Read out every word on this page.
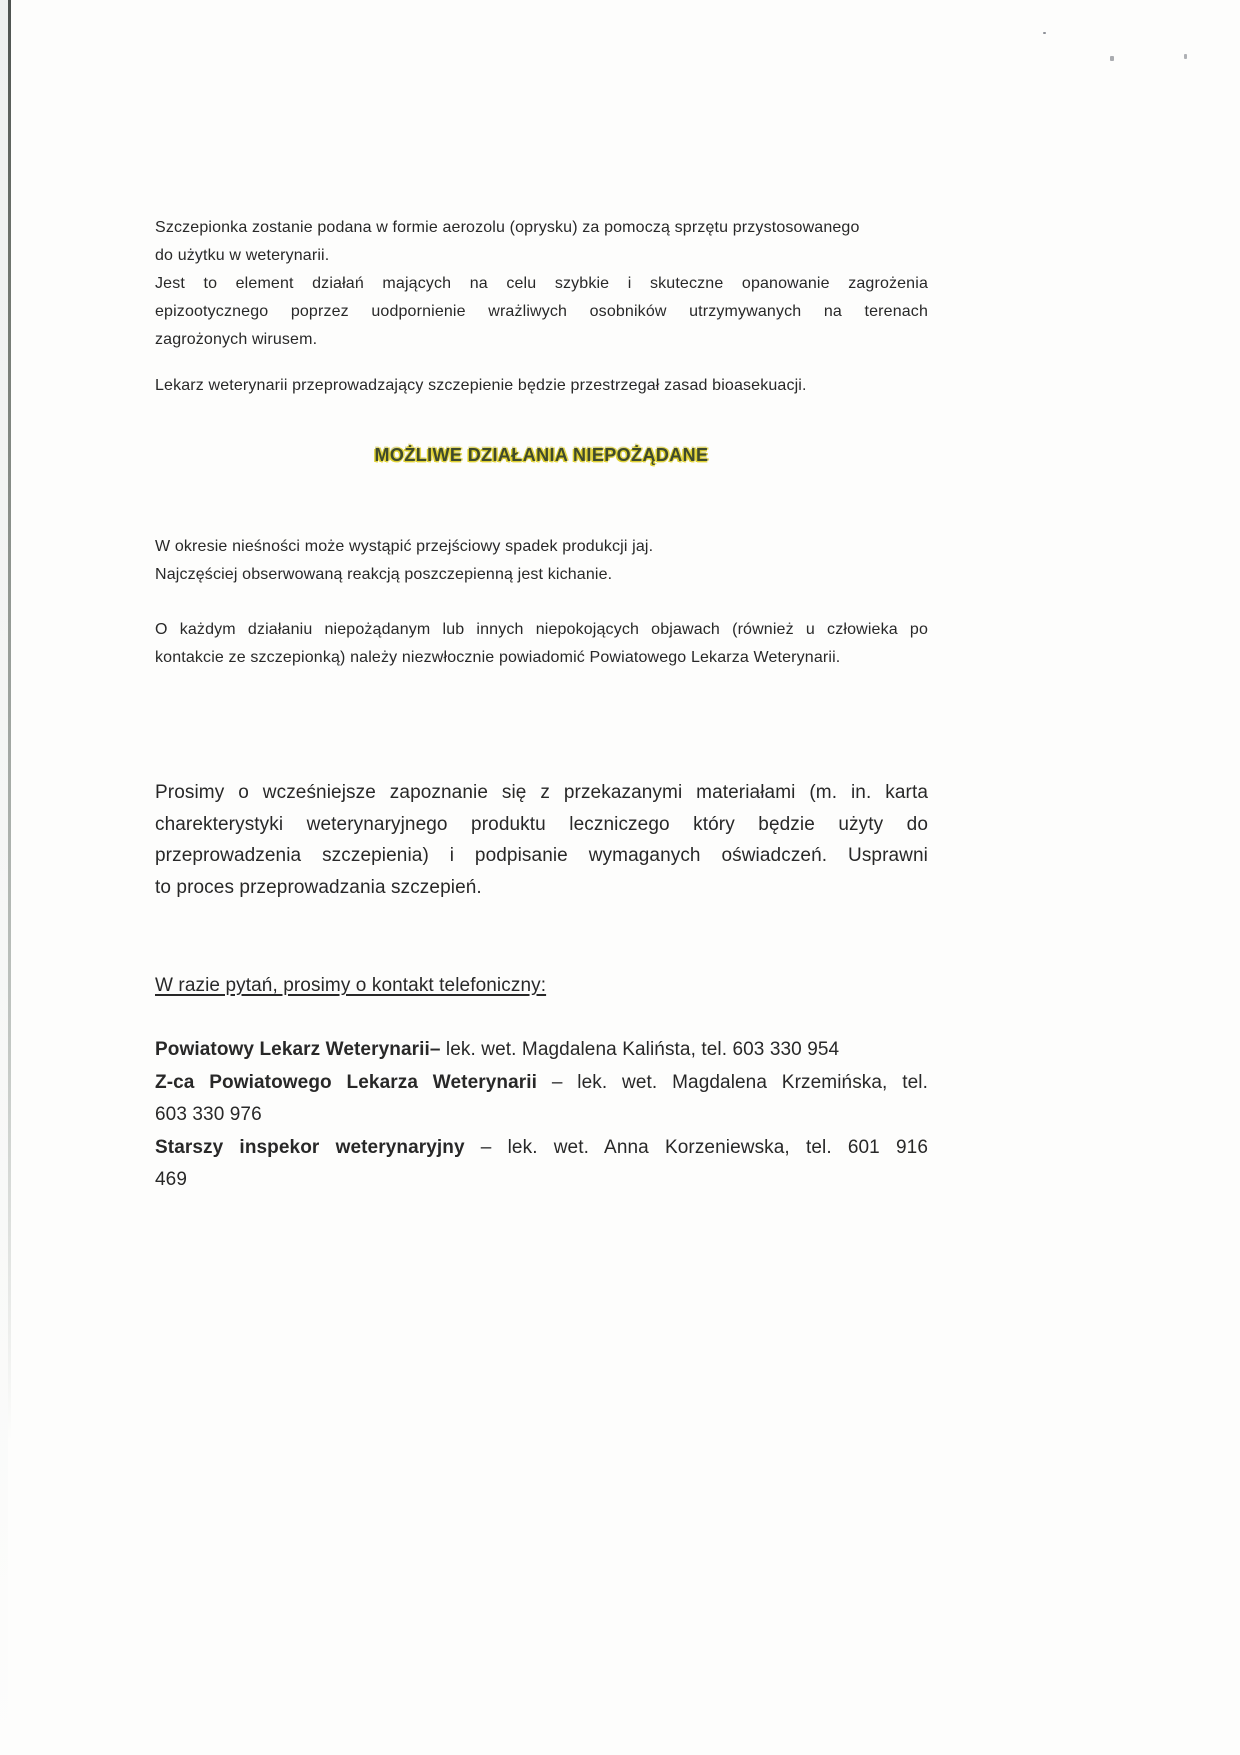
Szczepionka zostanie podana w formie aerozolu (oprysku) za pomoczą sprzętu przystosowanego
do użytku w weterynarii.
Jest to element działań mających na celu szybkie i skuteczne opanowanie zagrożenia
epizootycznego poprzez uodpornienie wrażliwych osobników utrzymywanych na terenach
zagrożonych wirusem.
Lekarz weterynarii przeprowadzający szczepienie będzie przestrzegał zasad bioasekuacji.
MOŻLIWE DZIAŁANIA NIEPOŻĄDANE
W okresie nieśności może wystąpić przejściowy spadek produkcji jaj.
Najczęściej obserwowaną reakcją poszczepienną jest kichanie.
O każdym działaniu niepożądanym lub innych niepokojących objawach (również u człowieka po
kontakcie ze szczepionką) należy niezwłocznie powiadomić Powiatowego Lekarza Weterynarii.
Prosimy o wcześniejsze zapoznanie się z przekazanymi materiałami (m. in. karta
charekterystyki weterynaryjnego produktu leczniczego który będzie użyty do
przeprowadzenia szczepienia) i podpisanie wymaganych oświadczeń. Usprawni
to proces przeprowadzania szczepień.
W razie pytań, prosimy o kontakt telefoniczny:
Powiatowy Lekarz Weterynarii– lek. wet. Magdalena Kaliństa, tel. 603 330 954
Z-ca Powiatowego Lekarza Weterynarii – lek. wet. Magdalena Krzemińska, tel.
603 330 976
Starszy inspekor weterynaryjny – lek. wet. Anna Korzeniewska, tel. 601 916
469
